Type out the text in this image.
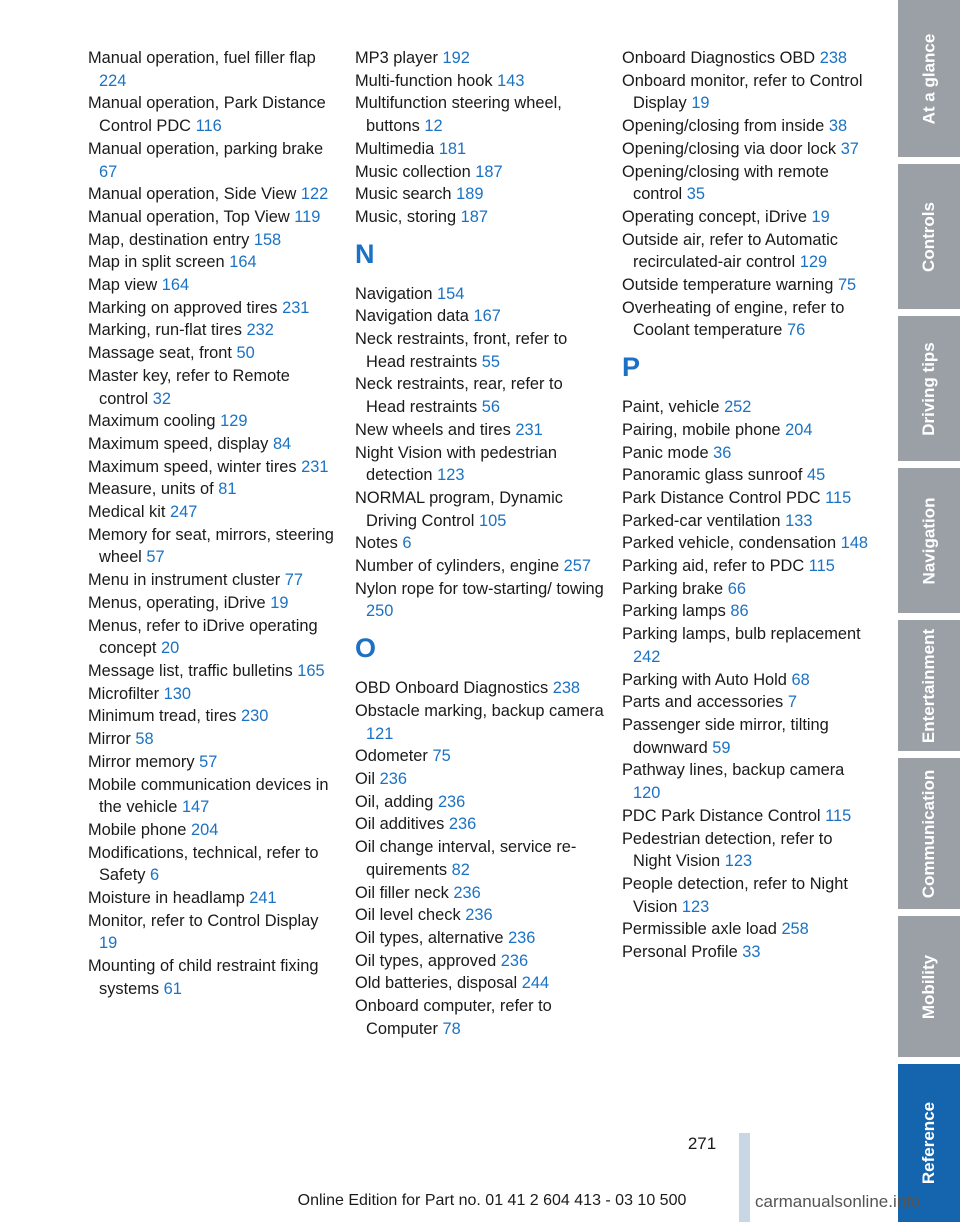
Manual operation, fuel filler flap 224
Manual operation, Park Distance Control PDC 116
Manual operation, parking brake 67
Manual operation, Side View 122
Manual operation, Top View 119
Map, destination entry 158
Map in split screen 164
Map view 164
Marking on approved tires 231
Marking, run-flat tires 232
Massage seat, front 50
Master key, refer to Remote control 32
Maximum cooling 129
Maximum speed, display 84
Maximum speed, winter tires 231
Measure, units of 81
Medical kit 247
Memory for seat, mirrors, steering wheel 57
Menu in instrument cluster 77
Menus, operating, iDrive 19
Menus, refer to iDrive operating concept 20
Message list, traffic bulletins 165
Microfilter 130
Minimum tread, tires 230
Mirror 58
Mirror memory 57
Mobile communication devices in the vehicle 147
Mobile phone 204
Modifications, technical, refer to Safety 6
Moisture in headlamp 241
Monitor, refer to Control Display 19
Mounting of child restraint fixing systems 61
MP3 player 192
Multi-function hook 143
Multifunction steering wheel, buttons 12
Multimedia 181
Music collection 187
Music search 189
Music, storing 187
N
Navigation 154
Navigation data 167
Neck restraints, front, refer to Head restraints 55
Neck restraints, rear, refer to Head restraints 56
New wheels and tires 231
Night Vision with pedestrian detection 123
NORMAL program, Dynamic Driving Control 105
Notes 6
Number of cylinders, engine 257
Nylon rope for tow-starting/ towing 250
O
OBD Onboard Diagnostics 238
Obstacle marking, backup camera 121
Odometer 75
Oil 236
Oil, adding 236
Oil additives 236
Oil change interval, service requirements 82
Oil filler neck 236
Oil level check 236
Oil types, alternative 236
Oil types, approved 236
Old batteries, disposal 244
Onboard computer, refer to Computer 78
Onboard Diagnostics OBD 238
Onboard monitor, refer to Control Display 19
Opening/closing from inside 38
Opening/closing via door lock 37
Opening/closing with remote control 35
Operating concept, iDrive 19
Outside air, refer to Automatic recirculated-air control 129
Outside temperature warning 75
Overheating of engine, refer to Coolant temperature 76
P
Paint, vehicle 252
Pairing, mobile phone 204
Panic mode 36
Panoramic glass sunroof 45
Park Distance Control PDC 115
Parked-car ventilation 133
Parked vehicle, condensation 148
Parking aid, refer to PDC 115
Parking brake 66
Parking lamps 86
Parking lamps, bulb replacement 242
Parking with Auto Hold 68
Parts and accessories 7
Passenger side mirror, tilting downward 59
Pathway lines, backup camera 120
PDC Park Distance Control 115
Pedestrian detection, refer to Night Vision 123
People detection, refer to Night Vision 123
Permissible axle load 258
Personal Profile 33
At a glance
Controls
Driving tips
Navigation
Entertainment
Communication
Mobility
Reference
271
Online Edition for Part no. 01 41 2 604 413 - 03 10 500	carmanualsonline.info
